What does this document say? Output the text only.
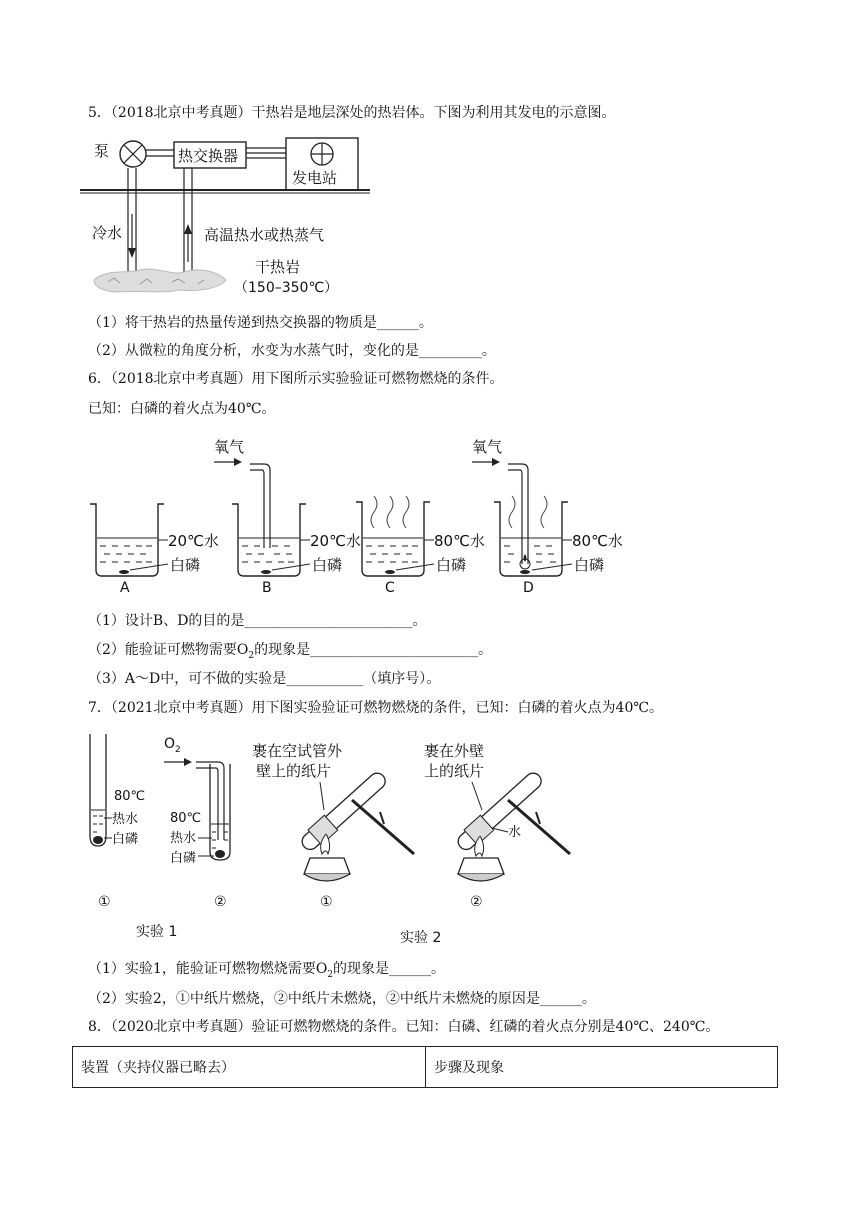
5．（2018北京中考真题）干热岩是地层深处的热岩体。下图为利用其发电的示意图。
泵	热交换器
发电站
冷水	高温热水或热蒸气
干热岩
（150–350℃）
（1）将干热岩的热量传递到热交换器的物质是______。
（2）从微粒的角度分析，水变为水蒸气时，变化的是_________。
6．（2018北京中考真题）用下图所示实验验证可燃物燃烧的条件。
已知：白磷的着火点为40℃。
20℃水
白磷
A
氧气
20℃水
白磷
B
80℃水
白磷
C
氧气
80℃水
白磷
D
（1）设计B、D的目的是________________________。
（2）能验证可燃物需要$O_2$的现象是________________________。
（3）A～D中，可不做的实验是___________（填序号）。
7．（2021北京中考真题）用下图实验验证可燃物燃烧的条件，已知：白磷的着火点为40℃。
80℃
热水
白磷
①
$O_2$
80℃
热水
白磷
②
实验 1
裹在空试管外
壁上的纸片
①
裹在外壁
上的纸片
水
②
实验 2
（1）实验1，能验证可燃物燃烧需要$O_2$的现象是______。
（2）实验2，①中纸片燃烧，②中纸片未燃烧，②中纸片未燃烧的原因是______。
8．（2020北京中考真题）验证可燃物燃烧的条件。已知：白磷、红磷的着火点分别是40℃、240℃。
装置（夹持仪器已略去）	步骤及现象
